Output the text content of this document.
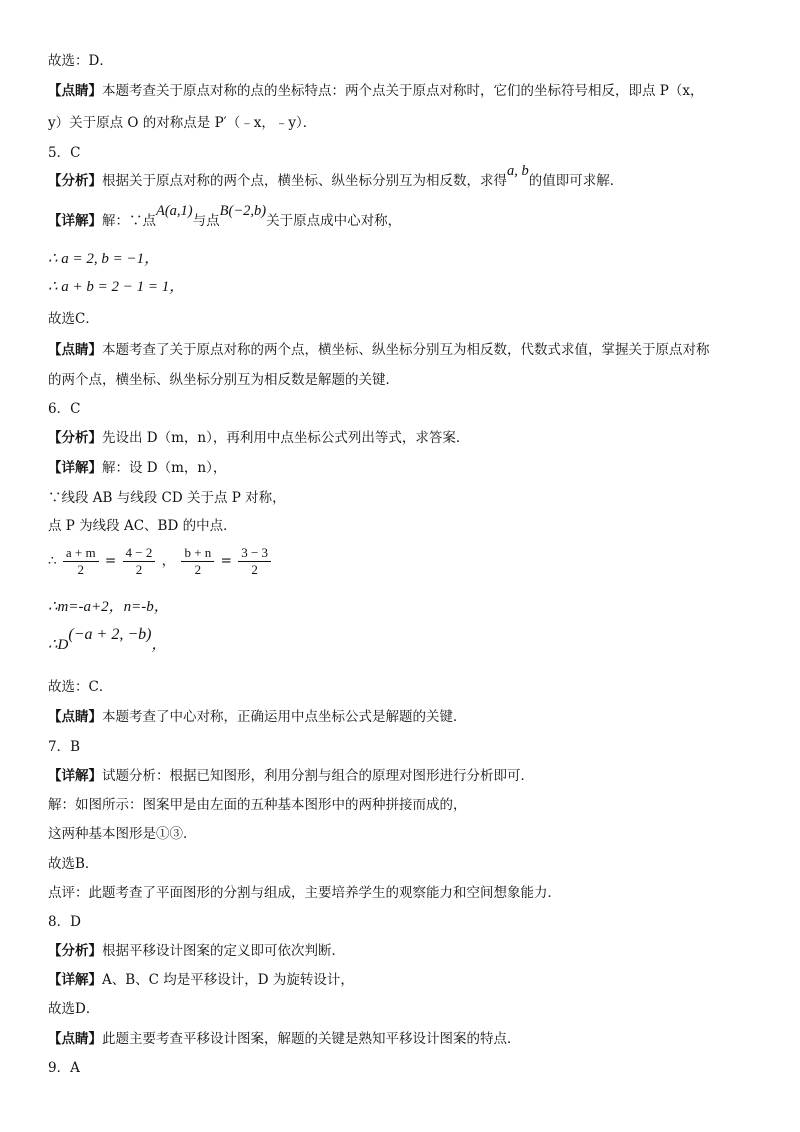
故选：D．
【点睛】本题考查关于原点对称的点的坐标特点：两个点关于原点对称时，它们的坐标符号相反，即点 P（x，
y）关于原点 O 的对称点是 P′（﹣x，﹣y）．
5．C
【分析】根据关于原点对称的两个点，横坐标、纵坐标分别互为相反数，求得a, b的值即可求解．
【详解】解：∵点A(a,1)与点B(−2,b)关于原点成中心对称，
∴ a = 2, b = −1，
∴ a + b = 2 − 1 = 1，
故选C．
【点睛】本题考查了关于原点对称的两个点，横坐标、纵坐标分别互为相反数，代数式求值，掌握关于原点对称
的两个点，横坐标、纵坐标分别互为相反数是解题的关键．
6．C
【分析】先设出 D（m，n），再利用中点坐标公式列出等式，求答案．
【详解】解：设 D（m，n），
∵线段 AB 与线段 CD 关于点 P 对称，
点 P 为线段 AC、BD 的中点．
∴ $\frac{a + m}{2} = \frac{4 - 2}{2}$ ， $\frac{b + n}{2} = \frac{3 - 3}{2}$
∴m=-a+2，n=-b，
∴D(−a + 2, −b)，
故选：C．
【点睛】本题考查了中心对称，正确运用中点坐标公式是解题的关键．
7．B
【详解】试题分析：根据已知图形，利用分割与组合的原理对图形进行分析即可．
解：如图所示：图案甲是由左面的五种基本图形中的两种拼接而成的，
这两种基本图形是①③．
故选B．
点评：此题考查了平面图形的分割与组成，主要培养学生的观察能力和空间想象能力．
8．D
【分析】根据平移设计图案的定义即可依次判断．
【详解】A、B、C 均是平移设计，D 为旋转设计，
故选D．
【点睛】此题主要考查平移设计图案，解题的关键是熟知平移设计图案的特点．
9．A
